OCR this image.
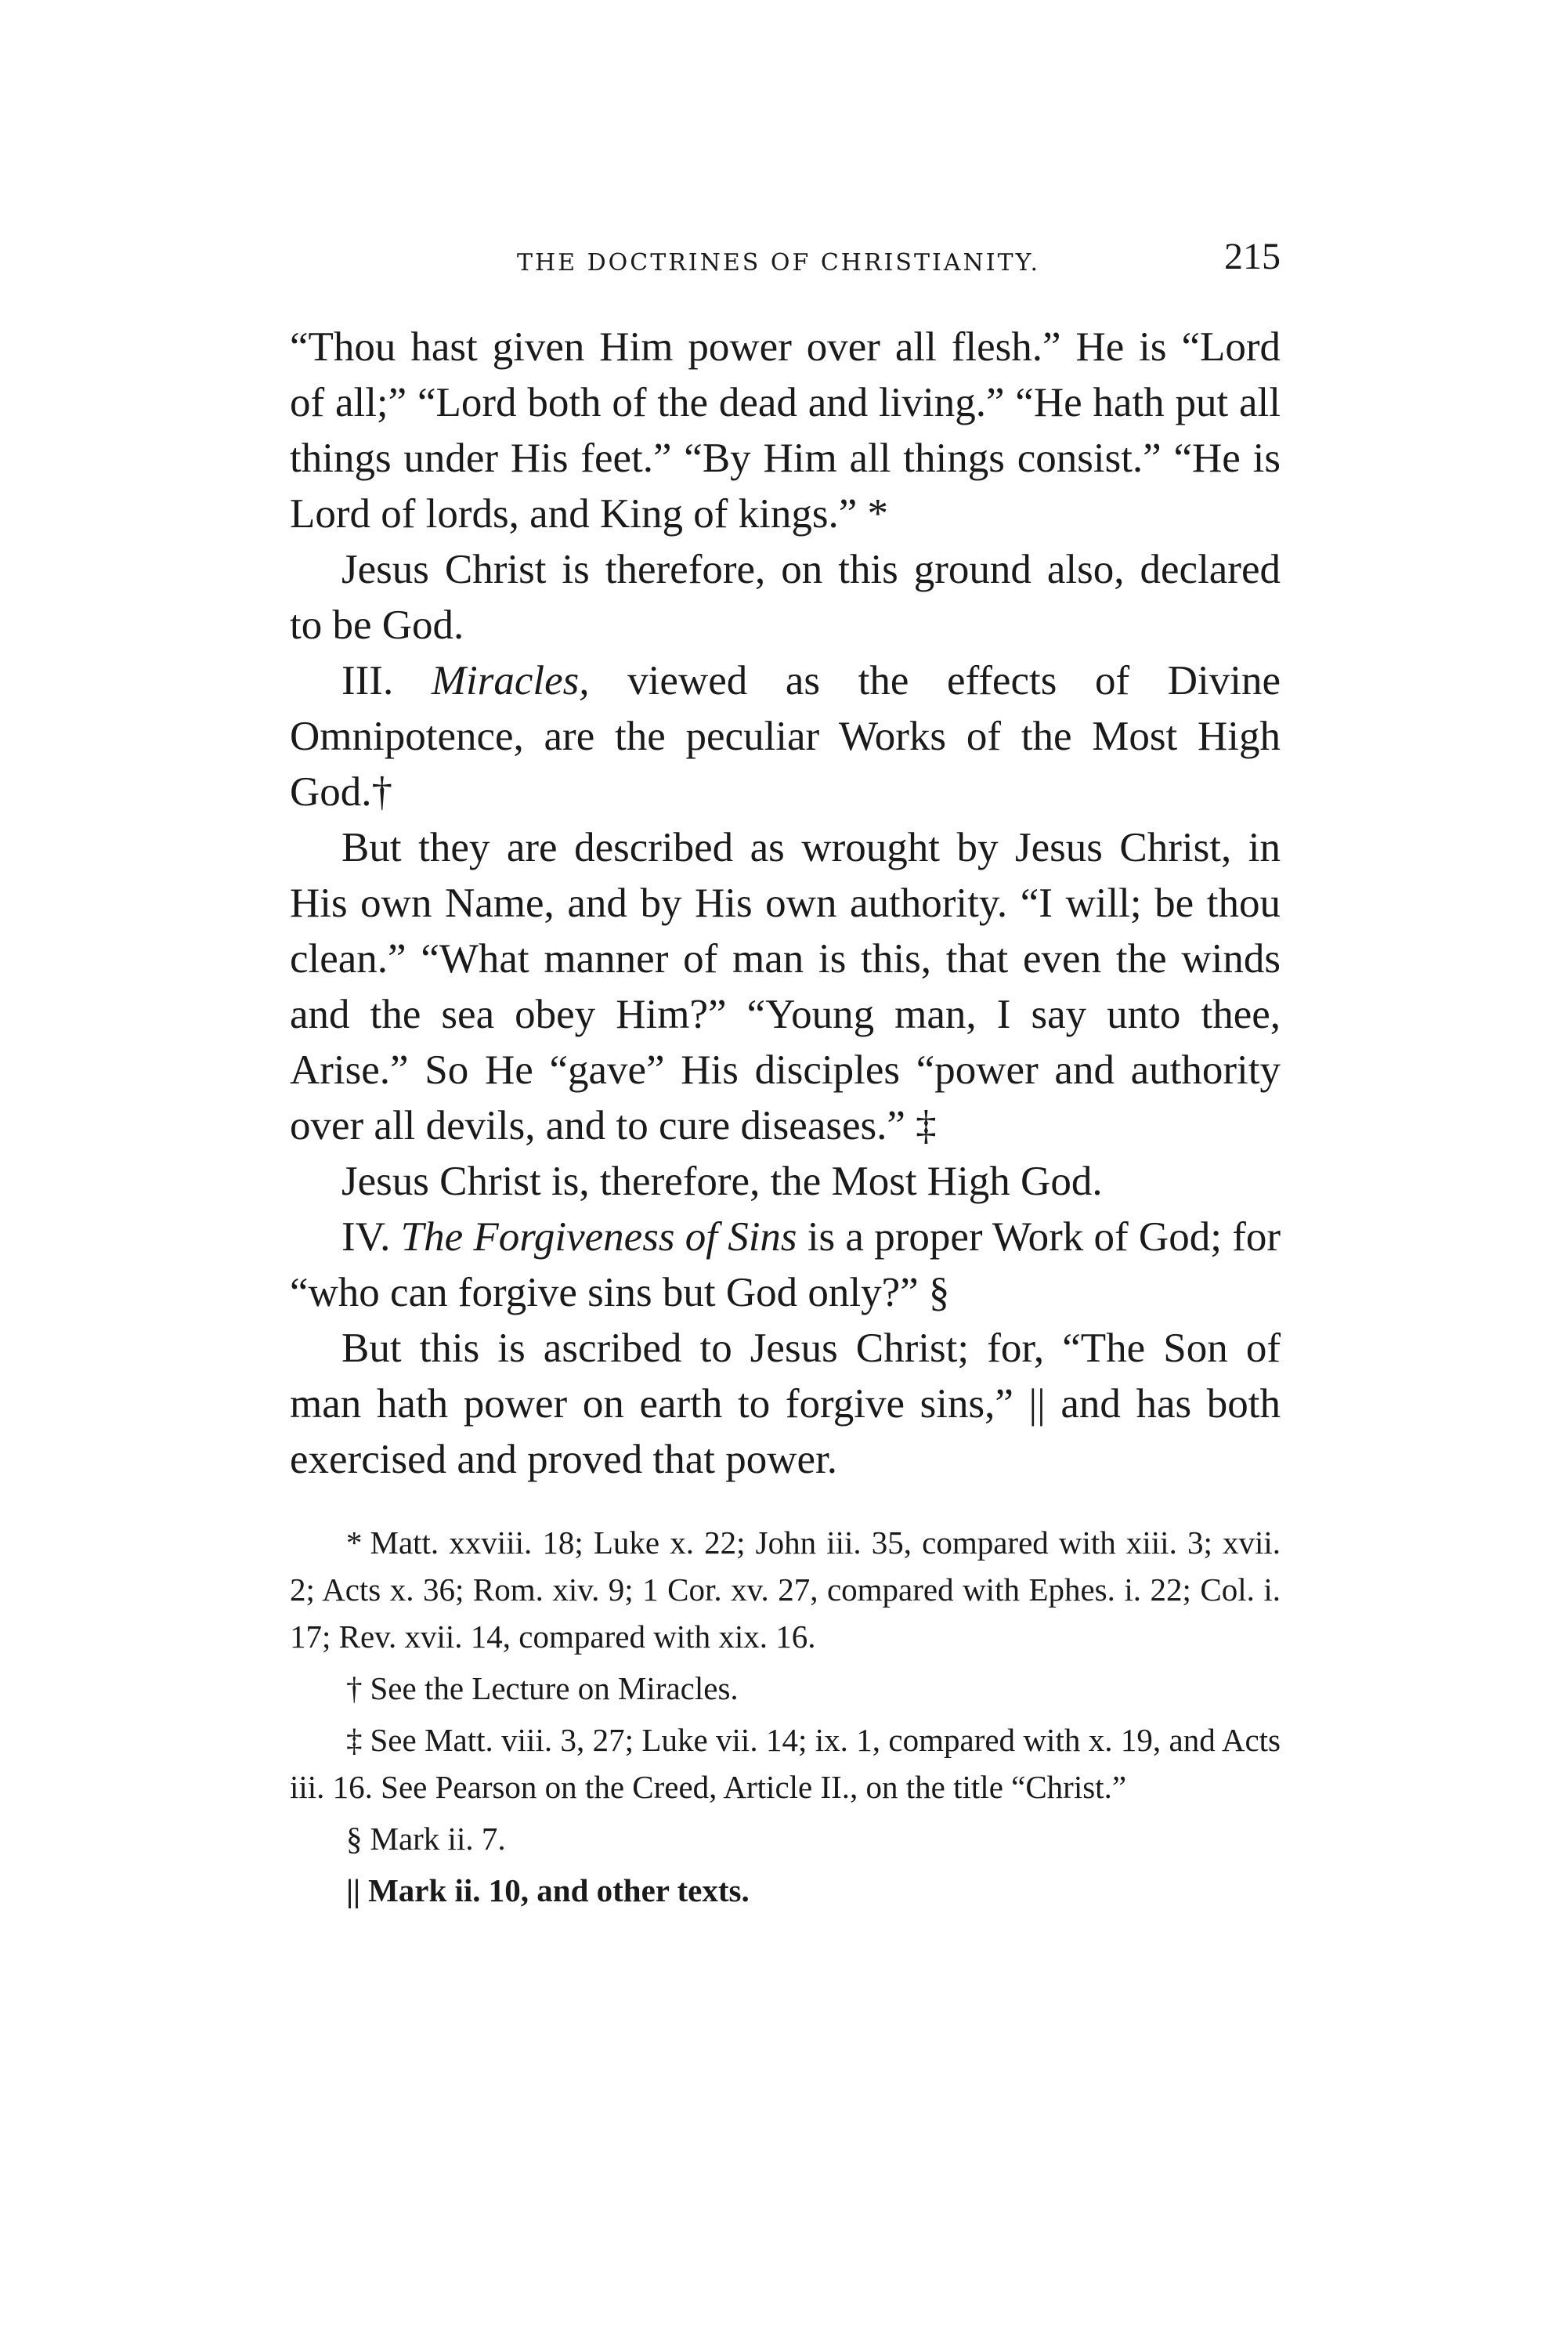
THE DOCTRINES OF CHRISTIANITY.	215

“Thou hast given Him power over all flesh.” He is “Lord of all;” “Lord both of the dead and living.” “He hath put all things under His feet.” “By Him all things consist.” “He is Lord of lords, and King of kings.” *

Jesus Christ is therefore, on this ground also, declared to be God.

III. Miracles, viewed as the effects of Divine Omnipotence, are the peculiar Works of the Most High God.†

But they are described as wrought by Jesus Christ, in His own Name, and by His own authority. “I will; be thou clean.” “What manner of man is this, that even the winds and the sea obey Him?” “Young man, I say unto thee, Arise.” So He “gave” His disciples “power and authority over all devils, and to cure diseases.” ‡

Jesus Christ is, therefore, the Most High God.

IV. The Forgiveness of Sins is a proper Work of God; for “who can forgive sins but God only?” §

But this is ascribed to Jesus Christ; for, “The Son of man hath power on earth to forgive sins,” || and has both exercised and proved that power.

* Matt. xxviii. 18; Luke x. 22; John iii. 35, compared with xiii. 3; xvii. 2; Acts x. 36; Rom. xiv. 9; 1 Cor. xv. 27, compared with Ephes. i. 22; Col. i. 17; Rev. xvii. 14, compared with xix. 16.

† See the Lecture on Miracles.

‡ See Matt. viii. 3, 27; Luke vii. 14; ix. 1, compared with x. 19, and Acts iii. 16. See Pearson on the Creed, Article II., on the title “Christ.”

§ Mark ii. 7.

|| Mark ii. 10, and other texts.
